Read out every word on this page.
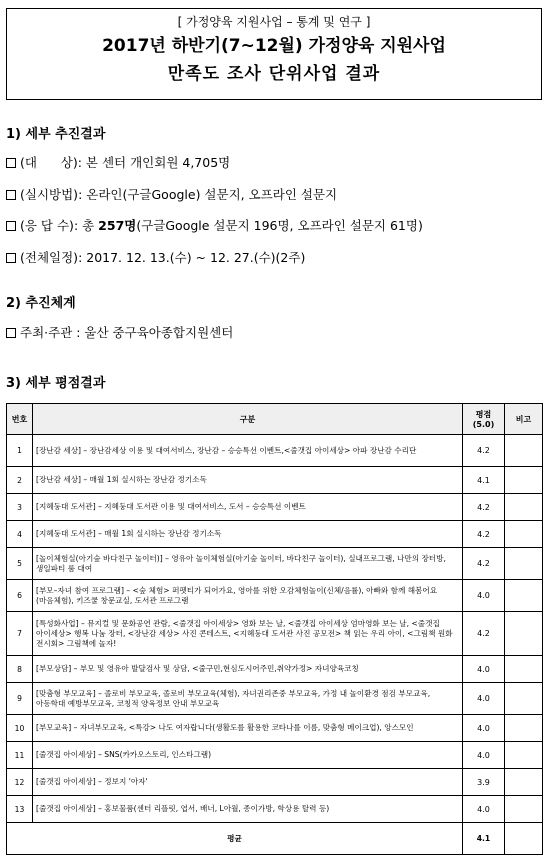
[ 가정양육 지원사업 – 통계 및 연구 ]
2017년 하반기(7~12월) 가정양육 지원사업
만족도 조사 단위사업 결과
1) 세부 추진결과
(대      상): 본 센터 개인회원 4,705명
(실시방법): 온라인(구글Google) 설문지, 오프라인 설문지
(응 답 수): 총 257명(구글Google 설문지 196명, 오프라인 설문지 61명)
(전체일정): 2017. 12. 13.(수) ~ 12. 27.(수)(2주)
2) 추진체계
주최·주관 : 울산 중구육아종합지원센터
3) 세부 평점결과
번호	구분	평점(5.0)	비고
1	[장난감 세상] – 장난감세상 이용 및 대여서비스, 장난감 – 승승특선 이벤트,<줄갯집 아이세상> 아파 장난감 수리단	4.2	
2	[장난감 세상] – 매월 1회 실시하는 장난감 정기소독	4.1	
3	[지혜둥대 도서관] – 지혜둥대 도서관 이용 및 대여서비스, 도서 – 승승특선 이벤트	4.2	
4	[지혜둥대 도서관] – 매월 1회 실시하는 장난감 정기소독	4.2	
5	[놀이체험실(아기숲 바다친구 놀이터)] – 영유아 놀이체험실(아기숲 놀이터, 바다친구 놀이터), 실내프로그램, 나만의 장터방, 생일파티 룸 대여	4.2	
6	[부모–자녀 참여 프로그램] – <숲 체험> 퍼펫티가 되어가요, 영아를 위한 오감체험놀이(신체/음률), 아빠와 함께 해봄어요(마음체험), 키즈쿨 창문교실, 도서관 프로그램	4.0	
7	[특성화사업] – 뮤지컬 및 문화공연 관람, <줄갯집 아이세상> 영화 보는 날, <줄갯집 아이세상 엄마영화 보는 날, <줄갯집 아이세상> 행복 나눔 장터, <장난감 세상> 사진 콘테스트, <지혜둥대 도서관 사진 공모전> 책 읽는 우리 아이, <그림책 원화 전시회> 그림책에 놀자!	4.2	
8	[부모상담] – 부모 및 영유아 발달검사 및 상담, <줄구민,현심도시어주민,취약가정> 자녀양육코칭	4.0	
9	[맞춤형 부모교육] – 졸로비 부모교육, 졸로비 부모교육(체험), 자녀권리존중 부모교육, 가정 내 놀이환경 점검 부모교육, 아동학대 예방부모교육, 코칭적 양육정보 안내 부모교육	4.0	
10	[부모교육] – 자녀부모교육, <특강> 나도 여자랍니다(생활도를 활용한 코타나를 이름, 맞춤형 메이크업), 앙스모인	4.0	
11	[줄갯집 아이세상] – SNS(카카오스토리, 인스타그램)	4.0	
12	[줄갯집 아이세상] – 정보지 '아자'	3.9	
13	[줄갯집 아이세상] – 홍보물품(센터 리플릿, 엽서, 배너, L아월, 종이가방, 학상용 탈력 등)	4.0	
평균		4.1	
